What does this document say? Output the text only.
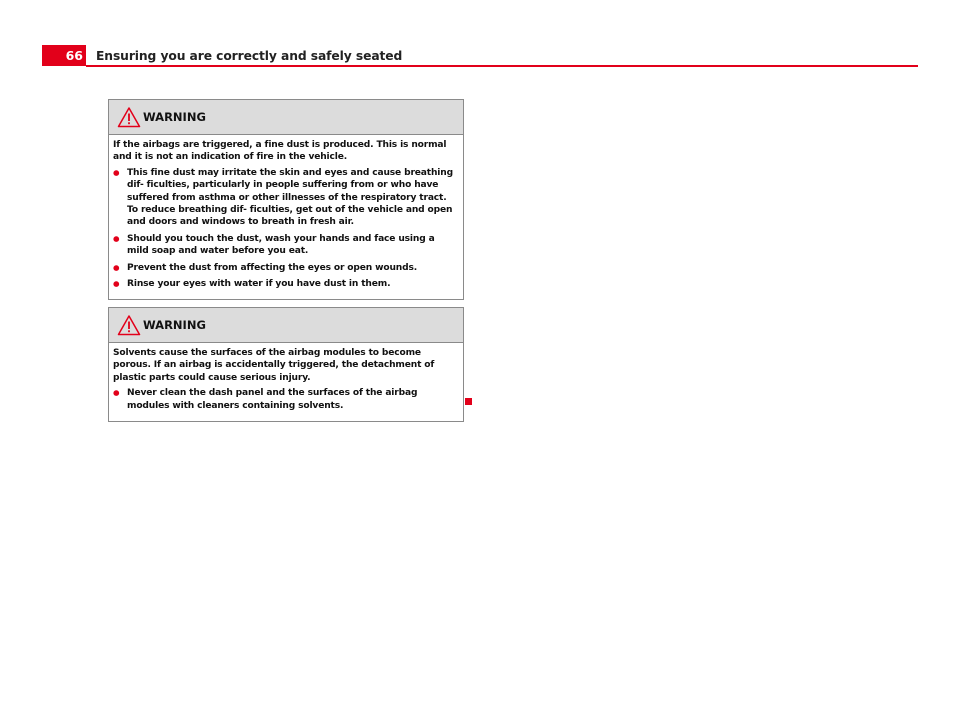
66 Ensuring you are correctly and safely seated
WARNING

If the airbags are triggered, a fine dust is produced. This is normal and it is not an indication of fire in the vehicle.

● This fine dust may irritate the skin and eyes and cause breathing dif- ficulties, particularly in people suffering from or who have suffered from asthma or other illnesses of the respiratory tract. To reduce breathing dif- ficulties, get out of the vehicle and open and doors and windows to breath in fresh air.
● Should you touch the dust, wash your hands and face using a mild soap and water before you eat.
● Prevent the dust from affecting the eyes or open wounds.
● Rinse your eyes with water if you have dust in them.
WARNING

Solvents cause the surfaces of the airbag modules to become porous. If an airbag is accidentally triggered, the detachment of plastic parts could cause serious injury.

● Never clean the dash panel and the surfaces of the airbag modules with cleaners containing solvents.
